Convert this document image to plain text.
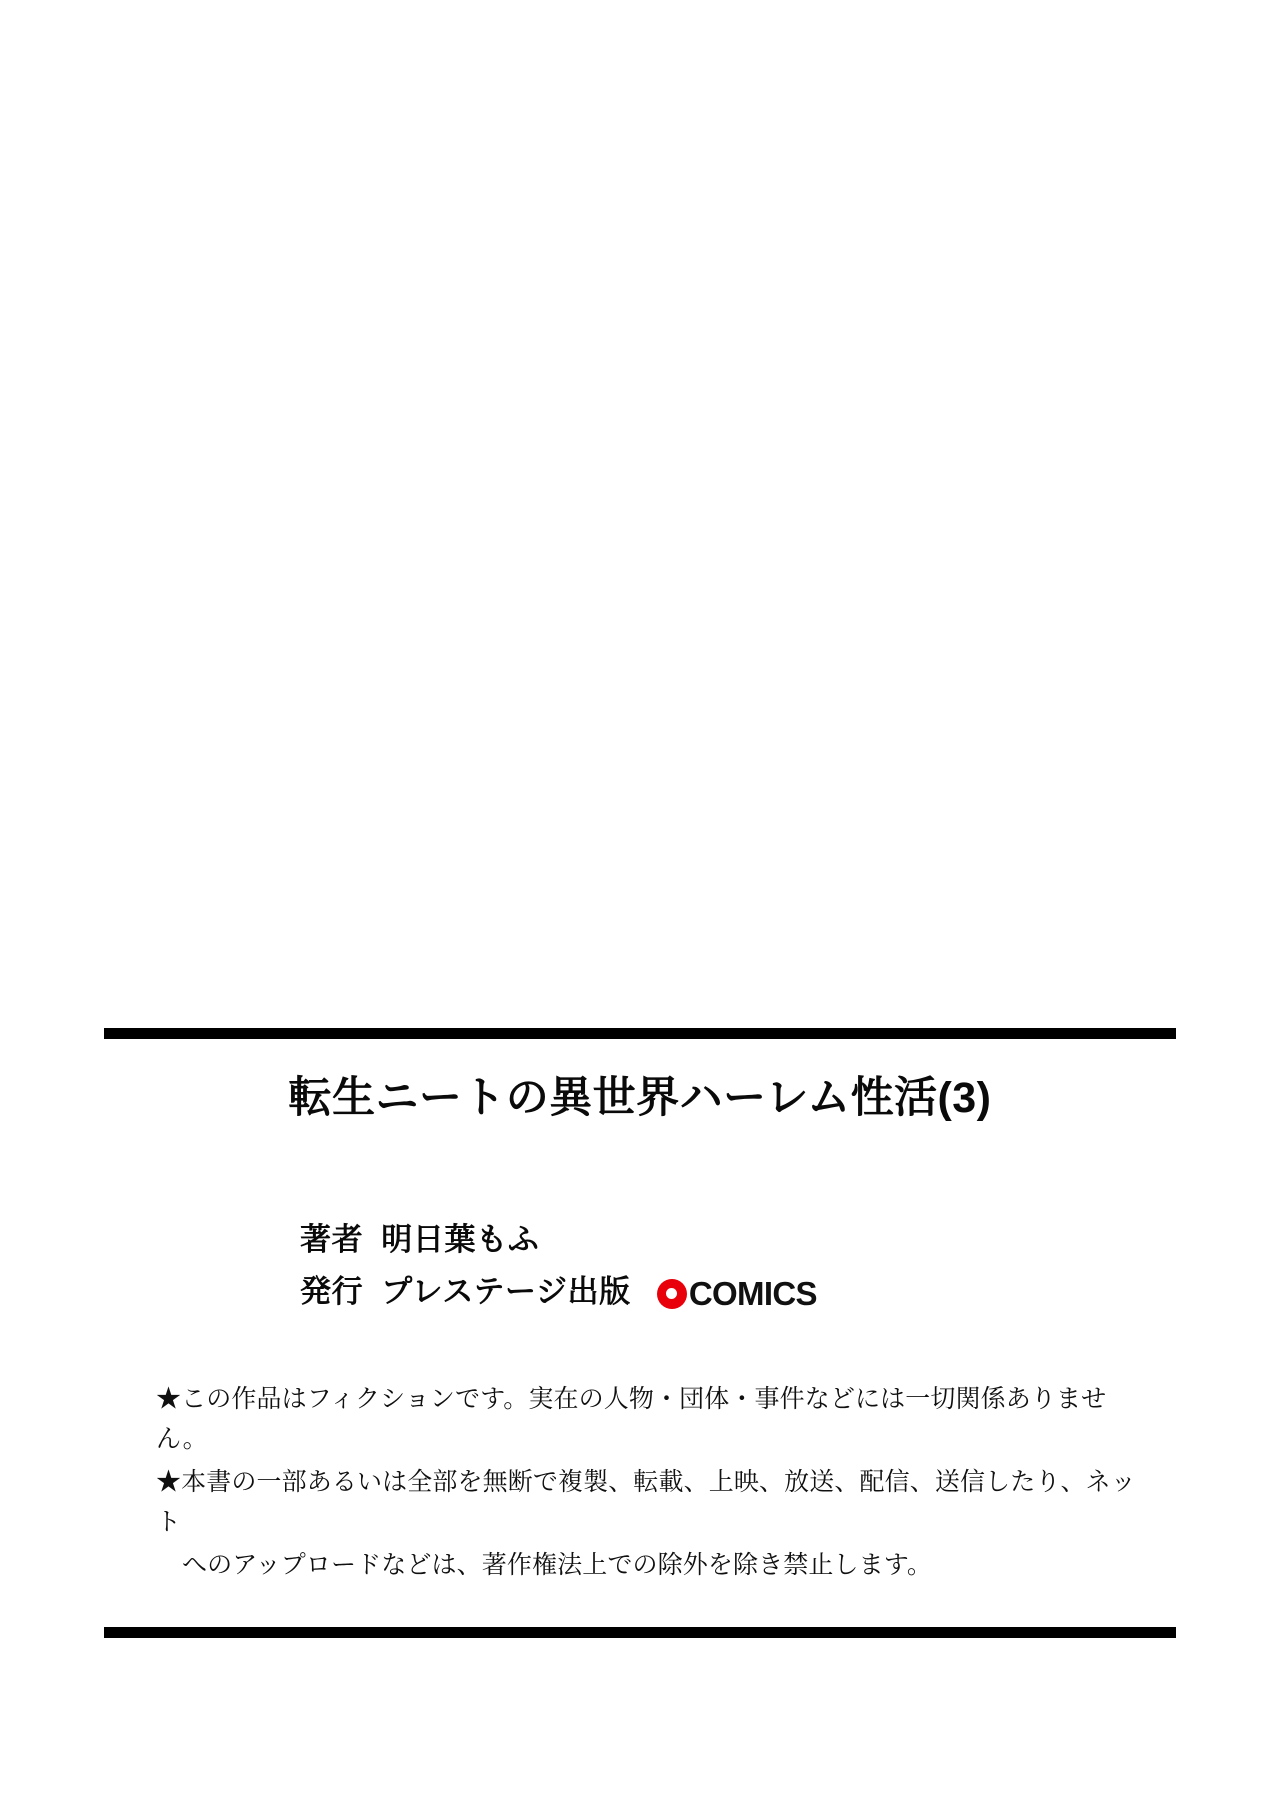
転生ニートの異世界ハーレム性活(3)
著者 明日葉もふ
発行 プレステージ出版 COMICS
★この作品はフィクションです。実在の人物・団体・事件などには一切関係ありません。
★本書の一部あるいは全部を無断で複製、転載、上映、放送、配信、送信したり、ネット
へのアップロードなどは、著作権法上での除外を除き禁止します。
